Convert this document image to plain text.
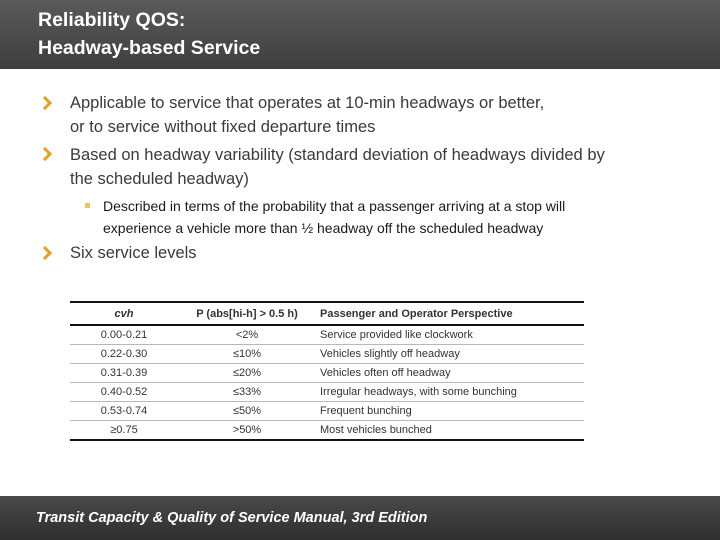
Reliability QOS:
Headway-based Service
Applicable to service that operates at 10-min headways or better,
or to service without fixed departure times
Based on headway variability (standard deviation of headways divided by
the scheduled headway)
Described in terms of the probability that a passenger arriving at a stop will
experience a vehicle more than ½ headway off the scheduled headway
Six service levels
cvh	P (abs[hi-h] > 0.5 h)	Passenger and Operator Perspective
0.00-0.21	<2%	Service provided like clockwork
0.22-0.30	≤10%	Vehicles slightly off headway
0.31-0.39	≤20%	Vehicles often off headway
0.40-0.52	≤33%	Irregular headways, with some bunching
0.53-0.74	≤50%	Frequent bunching
≥0.75	>50%	Most vehicles bunched
Transit Capacity & Quality of Service Manual, 3rd Edition
